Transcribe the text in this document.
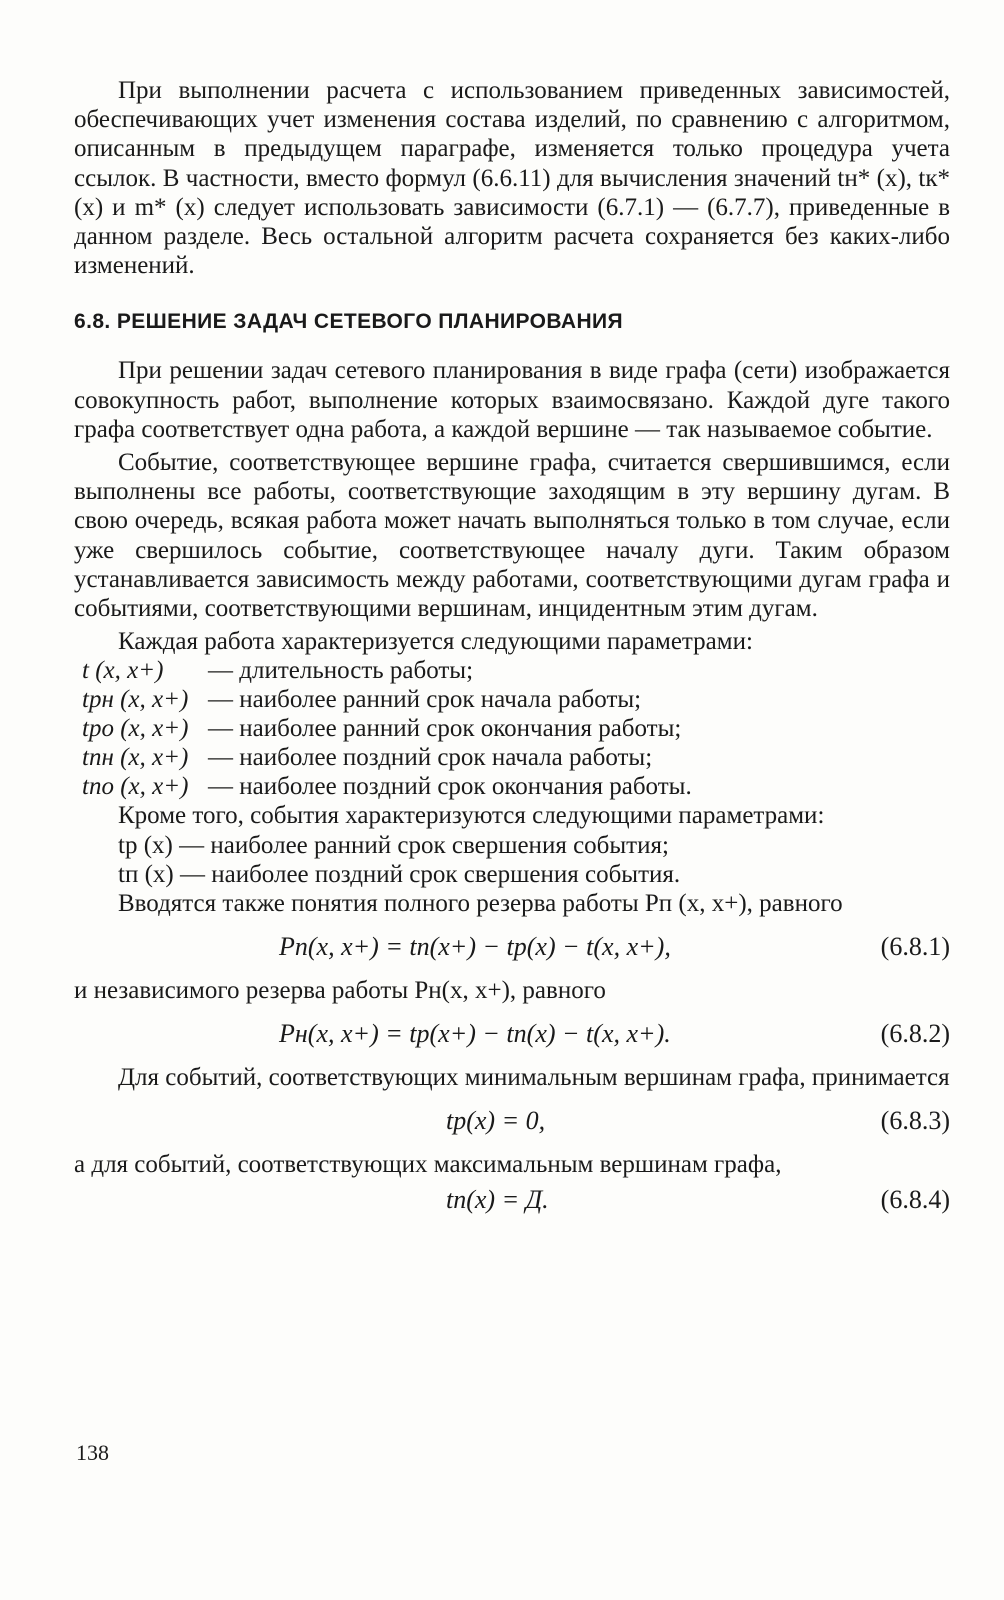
При выполнении расчета с использованием приведенных зависимостей, обеспечивающих учет изменения состава изделий, по сравнению с алгоритмом, описанным в предыдущем параграфе, изменяется только процедура учета ссылок. В частности, вместо формул (6.6.11) для вычисления значений tн* (x), tк* (x) и m* (x) следует использовать зависимости (6.7.1) — (6.7.7), приведенные в данном разделе. Весь остальной алгоритм расчета сохраняется без каких-либо изменений.

6.8. РЕШЕНИЕ ЗАДАЧ СЕТЕВОГО ПЛАНИРОВАНИЯ

При решении задач сетевого планирования в виде графа (сети) изображается совокупность работ, выполнение которых взаимосвязано. Каждой дуге такого графа соответствует одна работа, а каждой вершине — так называемое событие.

Событие, соответствующее вершине графа, считается свершившимся, если выполнены все работы, соответствующие заходящим в эту вершину дугам. В свою очередь, всякая работа может начать выполняться только в том случае, если уже свершилось событие, соответствующее началу дуги. Таким образом устанавливается зависимость между работами, соответствующими дугам графа и событиями, соответствующими вершинам, инцидентным этим дугам.

Каждая работа характеризуется следующими параметрами:

t (x, x+) — длительность работы;
tрн (x, x+) — наиболее ранний срок начала работы;
tро (x, x+) — наиболее ранний срок окончания работы;
tпн (x, x+) — наиболее поздний срок начала работы;
tпо (x, x+) — наиболее поздний срок окончания работы.

Кроме того, события характеризуются следующими параметрами:

tр (x) — наиболее ранний срок свершения события;
tп (x) — наиболее поздний срок свершения события.

Вводятся также понятия полного резерва работы Pп (x, x+), равного

Рп(x, x+) = tп(x+) − tр(x) − t(x, x+),	(6.8.1)

и независимого резерва работы Pн(x, x+), равного

Рн(x, x+) = tр(x+) − tп(x) − t(x, x+).	(6.8.2)

Для событий, соответствующих минимальным вершинам графа, принимается

tр(x) = 0,	(6.8.3)

а для событий, соответствующих максимальным вершинам графа,

tп(x) = Д.	(6.8.4)
138
